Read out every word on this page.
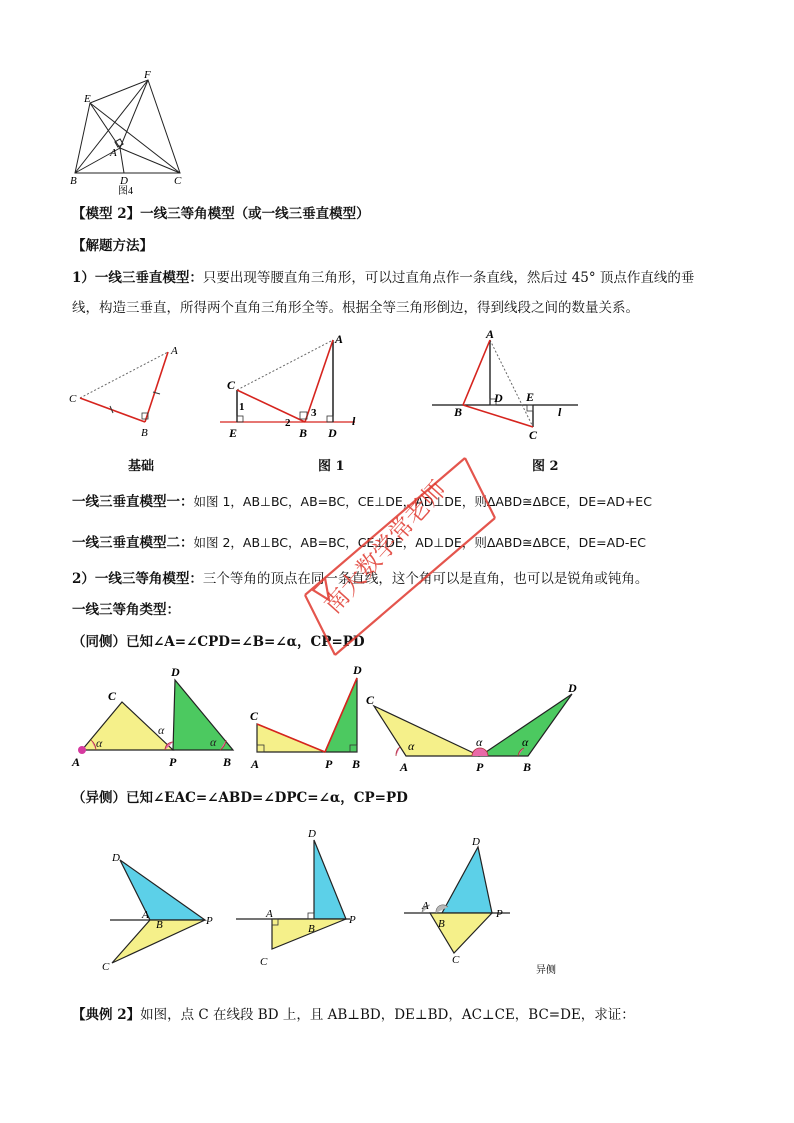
E
F
A
B	D	C
图4
【模型 2】一线三等角模型（或一线三垂直模型）
【解题方法】
1）一线三垂直模型：只要出现等腰直角三角形，可以过直角点作一条直线，然后过 45° 顶点作直线的垂
线，构造三垂直，所得两个直角三角形全等。根据全等三角形倒边，得到线段之间的数量关系。
A
B
C
基础
C
A
E	B D
l
1
2
3
图 1
A
B
D E
C
l
图 2
一线三垂直模型一：如图 1，AB⊥BC，AB=BC，CE⊥DE，AD⊥DE，则ΔABD≅ΔBCE，DE=AD+EC
一线三垂直模型二：如图 2，AB⊥BC，AB=BC，CE⊥DE，AD⊥DE，则ΔABD≅ΔBCE，DE=AD-EC
2）一线三等角模型：三个等角的顶点在同一条直线，这个角可以是直角，也可以是锐角或钝角。
一线三等角类型：
（同侧）已知∠A=∠CPD=∠B=∠α，CP=PD
A
C
P
D
B
α
α
α
C
A	P
D
B
C
A	P
D
B
α	α	α
（异侧）已知∠EAC=∠ABD=∠DPC=∠α，CP=PD
D
A
B	P
C
D
A
B
P
C
D
A
B
P
C
异侧
【典例 2】如图，点 C 在线段 BD 上，且 AB⊥BD，DE⊥BD，AC⊥CE，BC=DE，求证：
南大数学常老师
